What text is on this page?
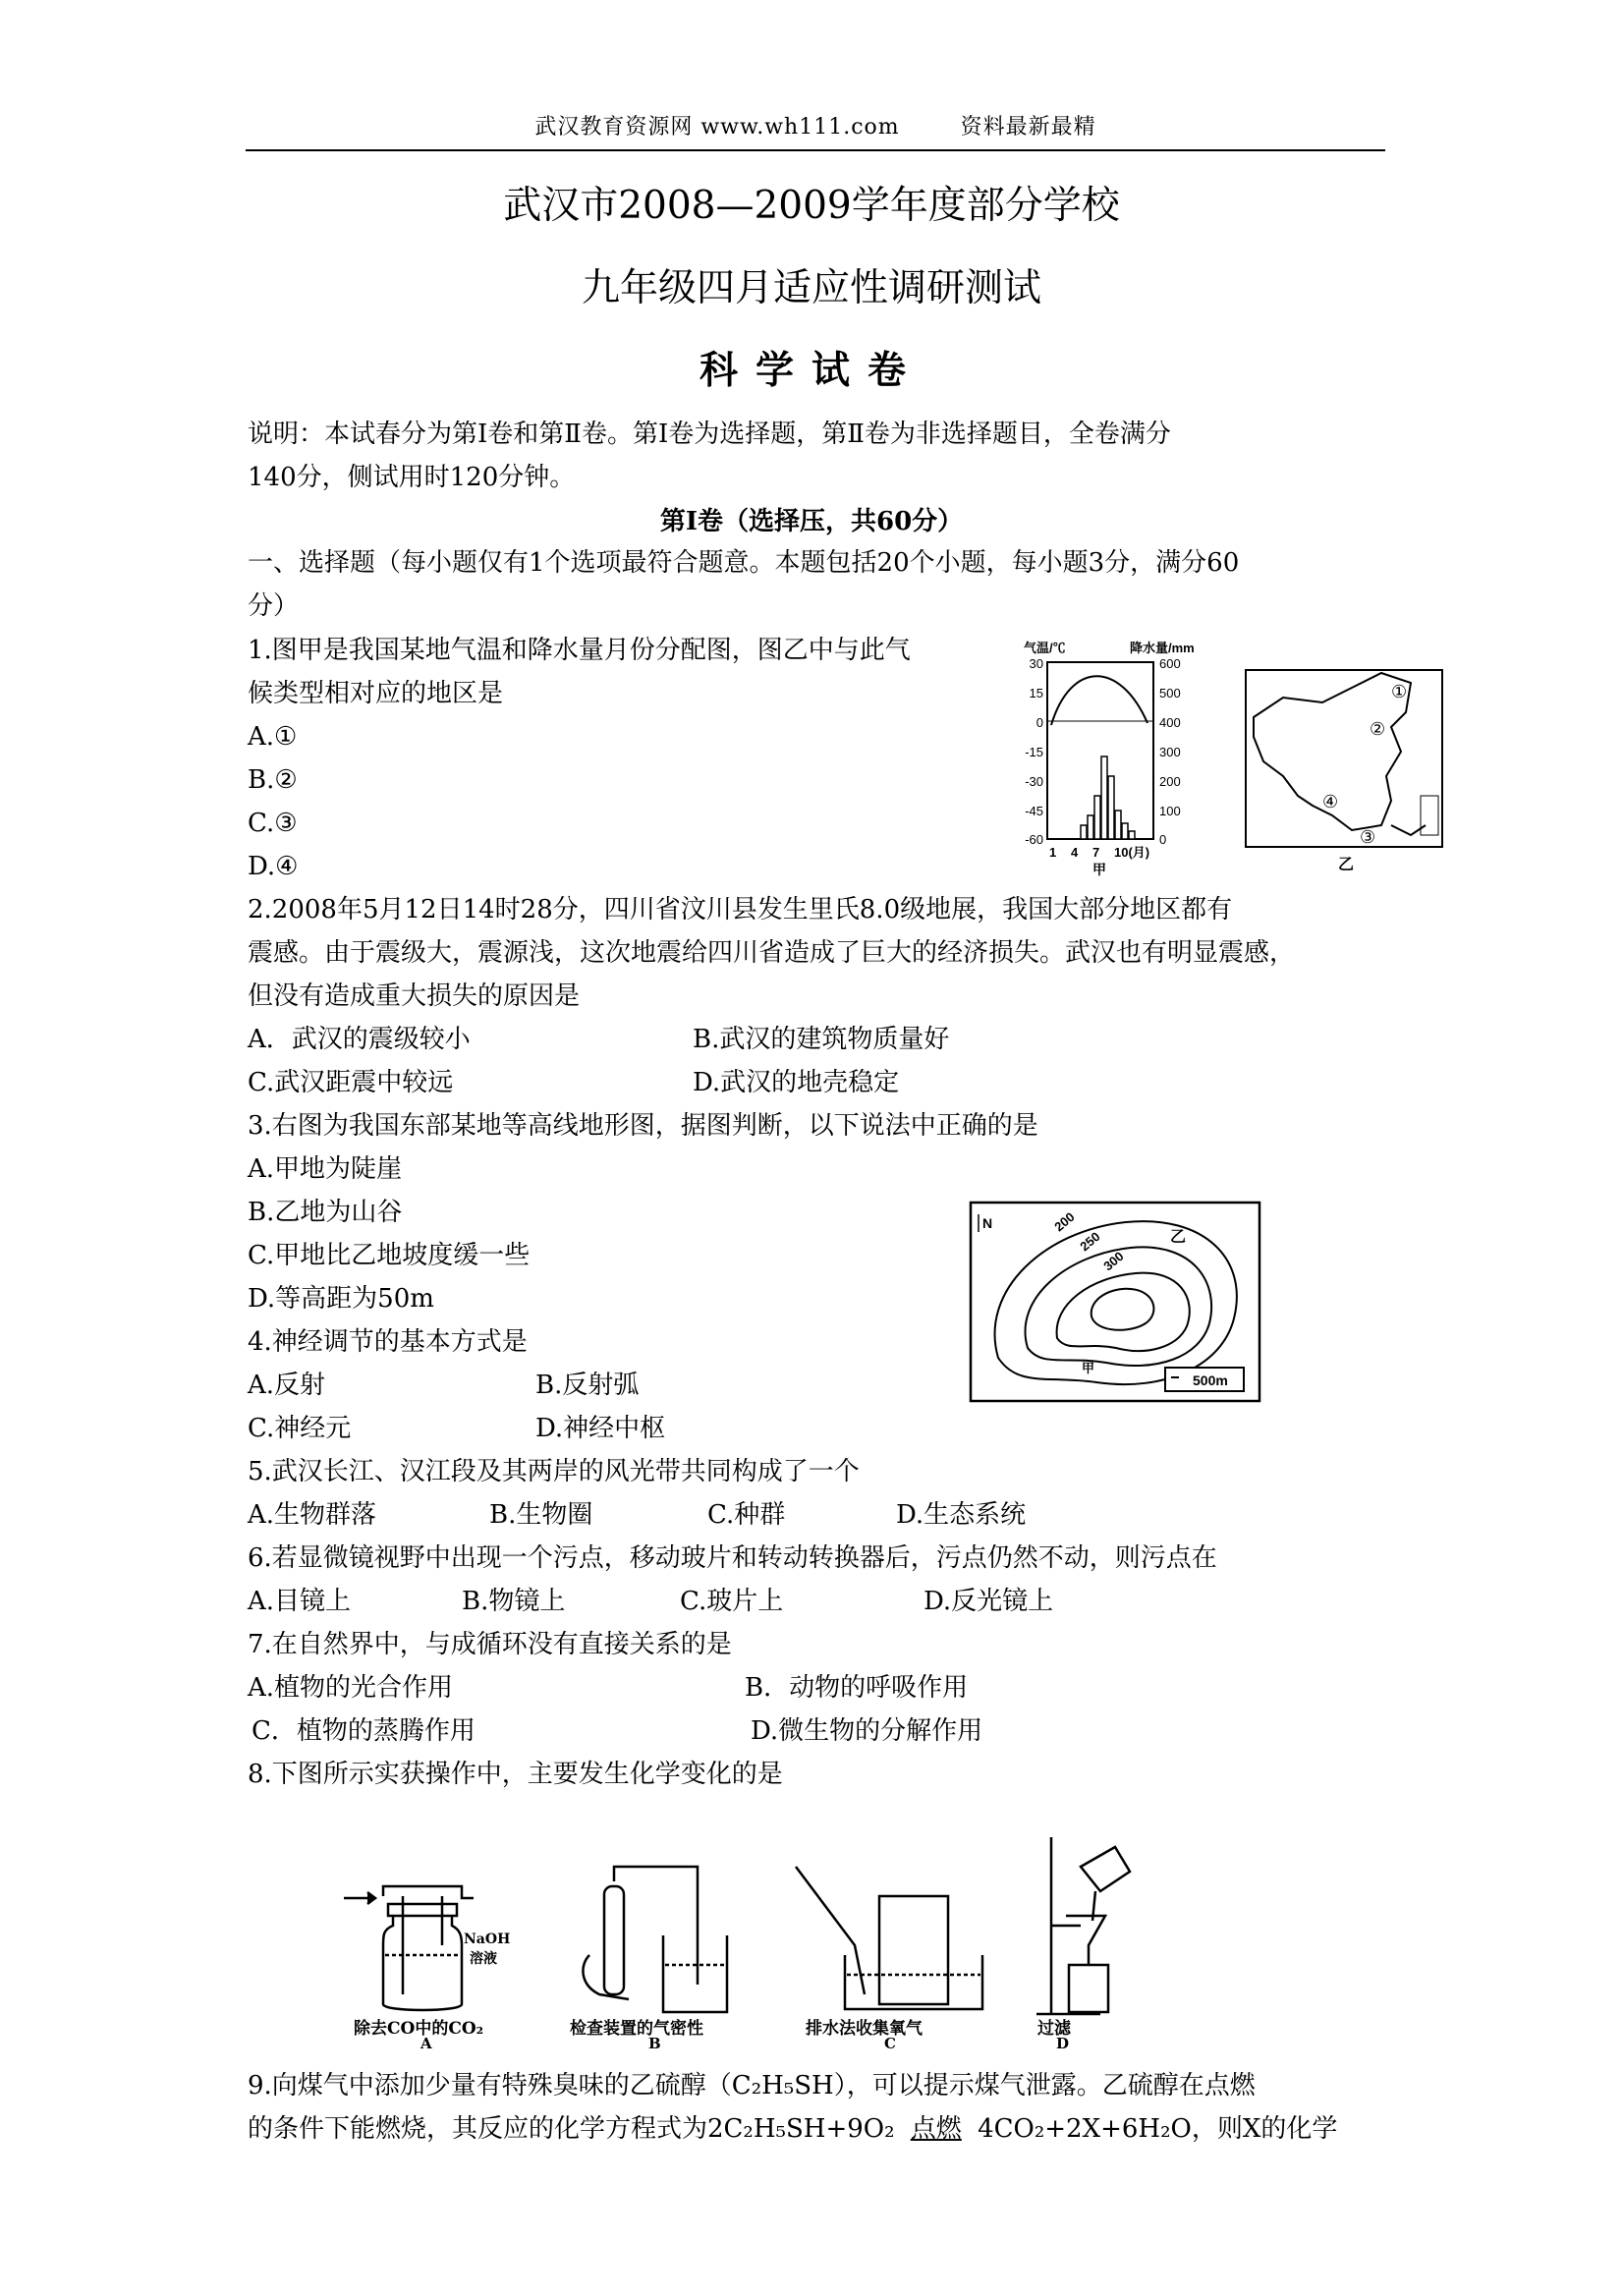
武汉教育资源网 www.wh111.com	资料最新最精
武汉市2008—2009学年度部分学校
九年级四月适应性调研测试
科学试卷
说明：本试春分为第Ⅰ卷和第Ⅱ卷。第Ⅰ卷为选择题，第Ⅱ卷为非选择题目，全卷满分
140分，侧试用时120分钟。
第Ⅰ卷（选择压，共60分）
一、选择题（每小题仅有1个选项最符合题意。本题包括20个小题，每小题3分，满分60
分）
1.图甲是我国某地气温和降水量月份分配图，图乙中与此气
候类型相对应的地区是
A.①
B.②
C.③
D.④
气温/℃	降水量/mm
30
15
0
-15
-30
-45
-60
600
500
400
300
200
100
0
1 4 7 10(月)
甲
①
②
③
④
乙
2.2008年5月12日14时28分，四川省汶川县发生里氏8.0级地展，我国大部分地区都有
震感。由于震级大，震源浅，这次地震给四川省造成了巨大的经济损失。武汉也有明显震感，
但没有造成重大损失的原因是
A．武汉的震级较小	B.武汉的建筑物质量好
C.武汉距震中较远	D.武汉的地壳稳定
3.右图为我国东部某地等高线地形图，据图判断，以下说法中正确的是
A.甲地为陡崖
B.乙地为山谷
C.甲地比乙地坡度缓一些
D.等高距为50m
N	200
250
300
乙
甲
500m
4.神经调节的基本方式是
A.反射	B.反射弧
C.神经元	D.神经中枢
5.武汉长江、汉江段及其两岸的风光带共同构成了一个
A.生物群落	B.生物圈	C.种群	D.生态系统
6.若显微镜视野中出现一个污点，移动玻片和转动转换器后，污点仍然不动，则污点在
A.目镜上	B.物镜上	C.玻片上	D.反光镜上
7.在自然界中，与成循环没有直接关系的是
A.植物的光合作用	B．动物的呼吸作用
C．植物的蒸腾作用	D.微生物的分解作用
8.下图所示实获操作中，主要发生化学变化的是
NaOH
溶液
除去CO中的CO₂
A
检查装置的气密性
B
排水法收集氧气
C
过滤
D
9.向煤气中添加少量有特殊臭味的乙硫醇（C₂H₅SH），可以提示煤气泄露。乙硫醇在点燃
的条件下能燃烧，其反应的化学方程式为2C₂H₅SH+9O₂ 点燃 4CO₂+2X+6H₂O，则X的化学
